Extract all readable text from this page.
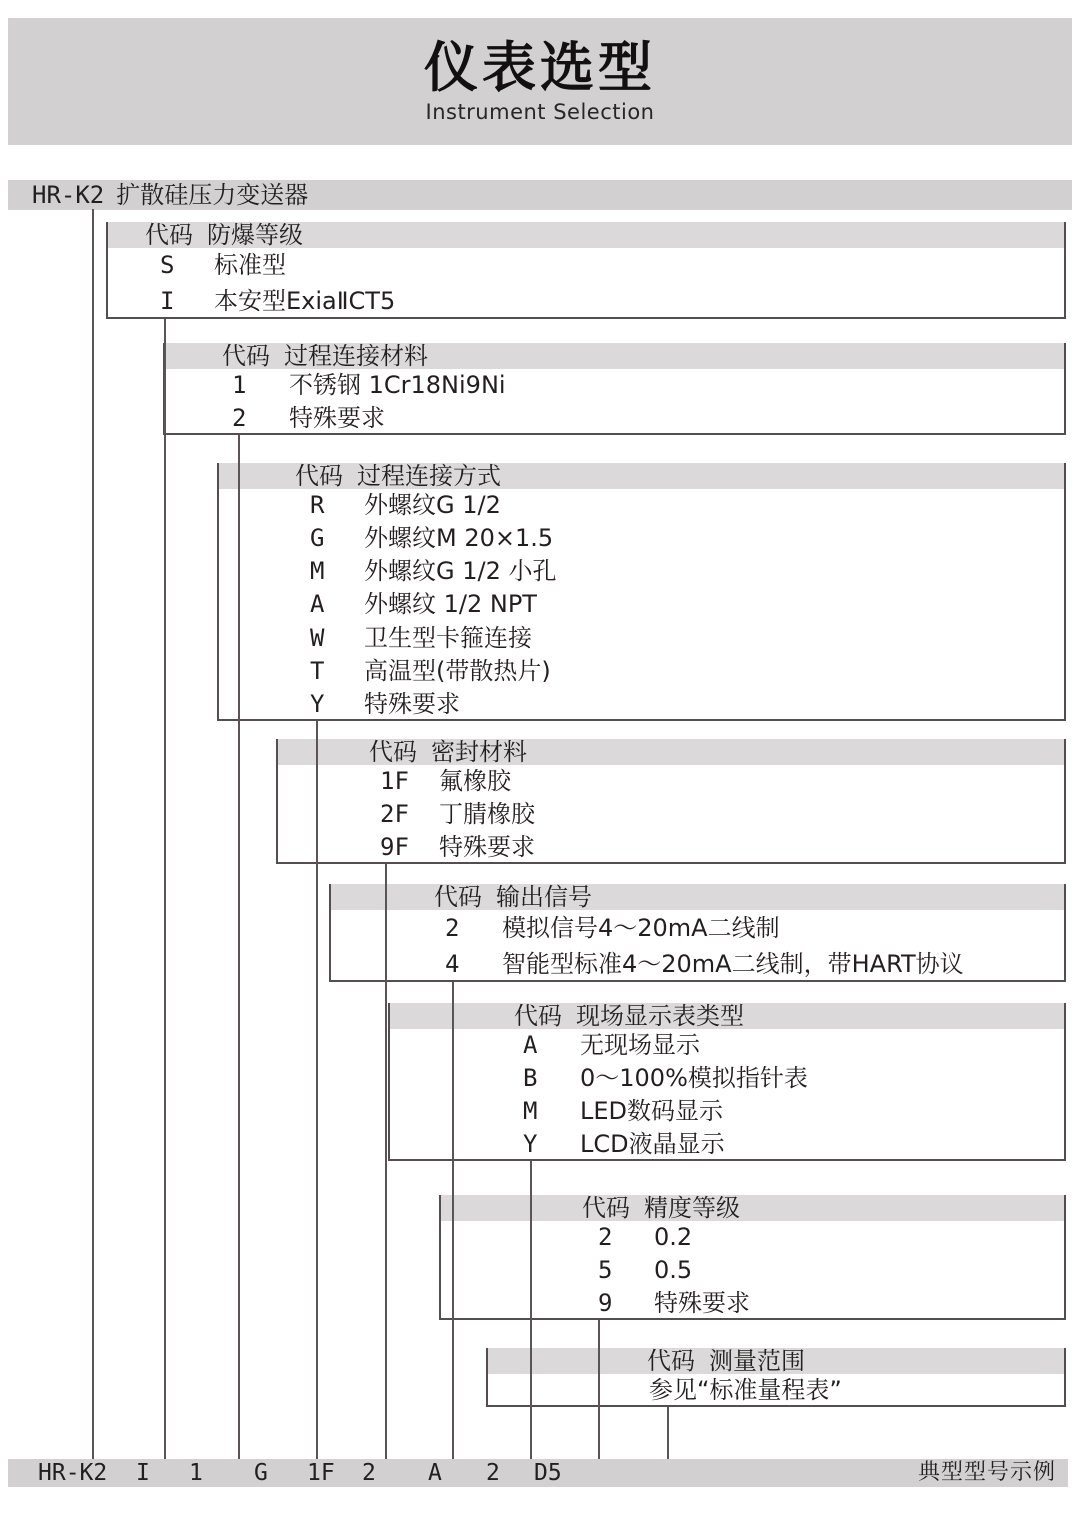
仪表选型
Instrument Selection
HR-K2 扩散硅压力变送器
代码 防爆等级
S 标准型
I 本安型ExiaⅡCT5
代码 过程连接材料
1 不锈钢 1Cr18Ni9Ni
2 特殊要求
代码 过程连接方式
R 外螺纹G 1/2
G 外螺纹M 20×1.5
M 外螺纹G 1/2 小孔
A 外螺纹 1/2 NPT
W 卫生型卡箍连接
T 高温型(带散热片)
Y 特殊要求
代码 密封材料
1F 氟橡胶
2F 丁腈橡胶
9F 特殊要求
代码 输出信号
2 模拟信号4～20mA二线制
4 智能型标准4～20mA二线制，带HART协议
代码 现场显示表类型
A 无现场显示
B 0～100%模拟指针表
M LED数码显示
Y LCD液晶显示
代码 精度等级
2 0.2
5 0.5
9 特殊要求
代码 测量范围
参见“标准量程表”
典型型号示例
HR-K2 I 1 G 1F 2 A 2 D5
